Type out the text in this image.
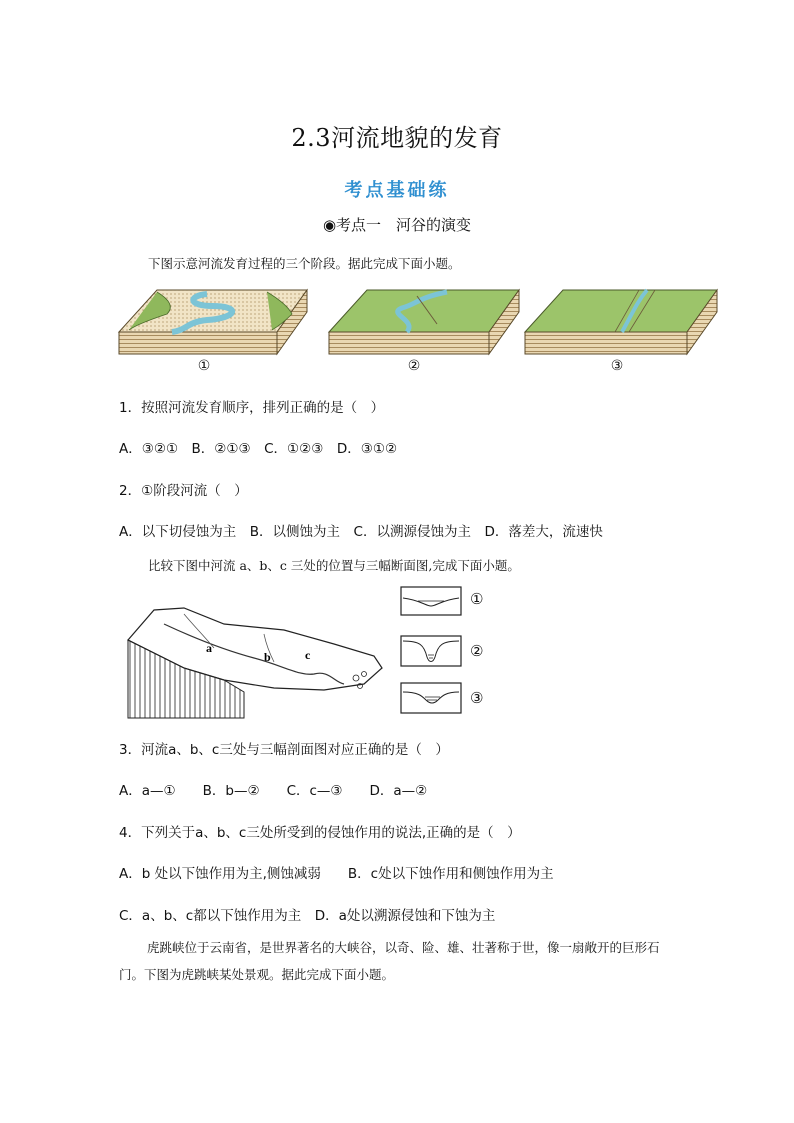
2.3河流地貌的发育
考点基础练
◉考点一　河谷的演变
下图示意河流发育过程的三个阶段。据此完成下面小题。
①	②	③
1．按照河流发育顺序，排列正确的是（　）
A．③②①　 B．②①③　 C．①②③　 D．③①②
2．①阶段河流（　）
A．以下切侵蚀为主　 B．以侧蚀为主　 C．以溯源侵蚀为主　 D．落差大，流速快
比较下图中河流 a、b、c 三处的位置与三幅断面图,完成下面小题。
a
b	c
①
②
③
3．河流a、b、c三处与三幅剖面图对应正确的是（　）
A．a—①　　 B．b—②　　 C．c—③　　 D．a—②
4．下列关于a、b、c三处所受到的侵蚀作用的说法,正确的是（　）
A．b 处以下蚀作用为主,侧蚀减弱　　 B．c处以下蚀作用和侧蚀作用为主
C．a、b、c都以下蚀作用为主　 D．a处以溯源侵蚀和下蚀为主
虎跳峡位于云南省，是世界著名的大峡谷，以奇、险、雄、壮著称于世，像一扇敞开的巨形石门。下图为虎跳峡某处景观。据此完成下面小题。
